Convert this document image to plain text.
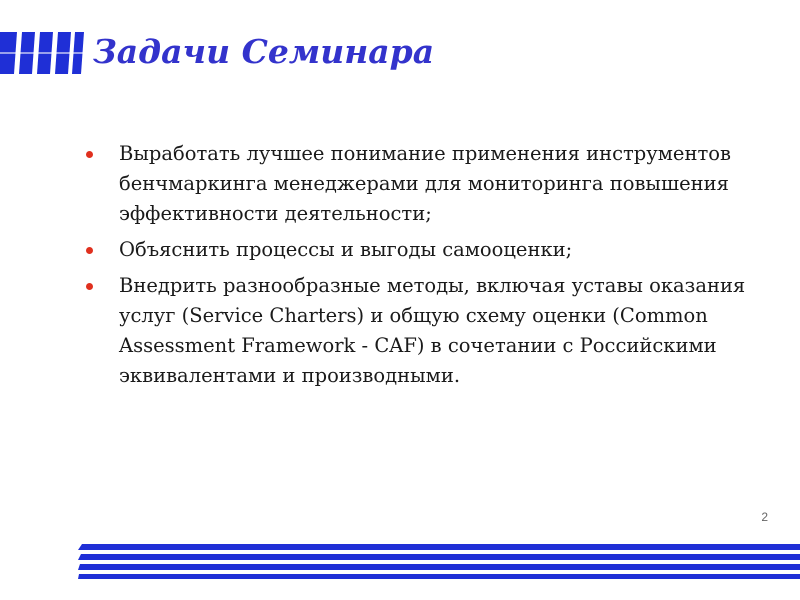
Задачи Семинара
Выработать лучшее понимание применения инструментов бенчмаркинга менеджерами для мониторинга повышения эффективности деятельности;
Объяснить процессы и выгоды самооценки;
Внедрить разнообразные методы, включая уставы оказания услуг (Service Charters) и общую схему оценки (Common Assessment Framework - CAF) в сочетании с Российскими эквивалентами и производными.
2
